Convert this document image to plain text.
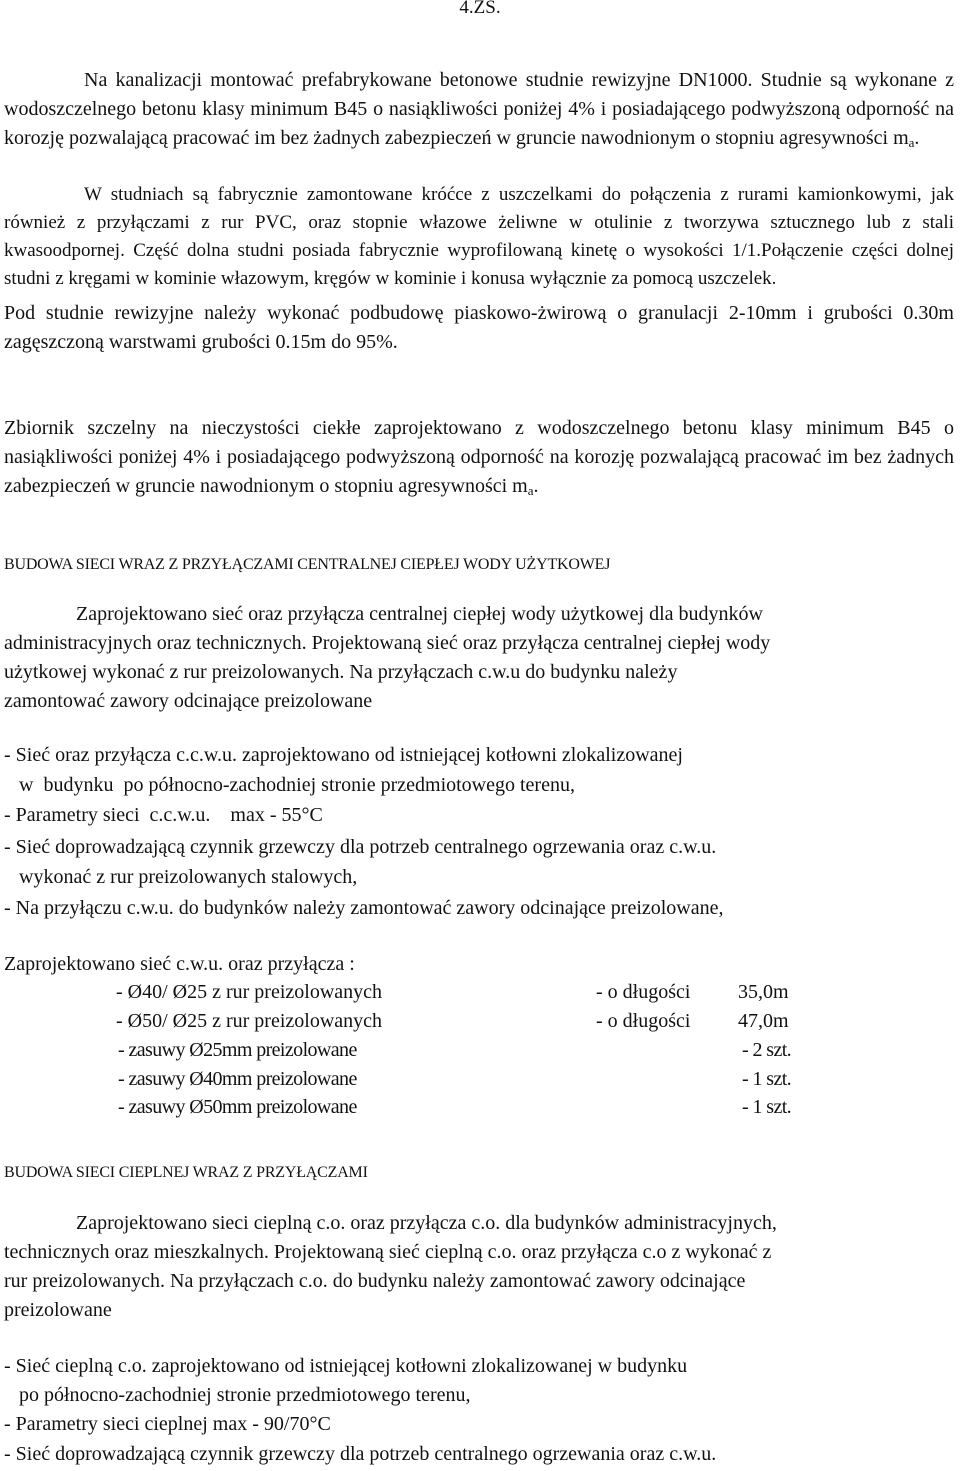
4.ZS.

Na kanalizacji montować prefabrykowane betonowe studnie rewizyjne DN1000. Studnie są wykonane z wodoszczelnego betonu klasy minimum B45 o nasiąkliwości poniżej 4% i posiadającego podwyższoną odporność na korozję pozwalającą pracować im bez żadnych zabezpieczeń w gruncie nawodnionym o stopniu agresywności $m_a$.

W studniach są fabrycznie zamontowane króćce z uszczelkami do połączenia z rurami kamionkowymi, jak również z przyłączami z rur PVC, oraz stopnie włazowe żeliwne w otulinie z tworzywa sztucznego lub z stali kwasoodpornej. Część dolna studni posiada fabrycznie wyprofilowaną kinetę o wysokości 1/1.Połączenie części dolnej studni z kręgami w kominie włazowym, kręgów w kominie i konusa wyłącznie za pomocą uszczelek.

Pod studnie rewizyjne należy wykonać podbudowę piaskowo-żwirową o granulacji 2-10mm i grubości 0.30m zagęszczoną warstwami grubości 0.15m do 95%.

Zbiornik szczelny na nieczystości ciekłe zaprojektowano z wodoszczelnego betonu klasy minimum B45 o nasiąkliwości poniżej 4% i posiadającego podwyższoną odporność na korozję pozwalającą pracować im bez żadnych zabezpieczeń w gruncie nawodnionym o stopniu agresywności $m_a$.

BUDOWA SIECI WRAZ Z PRZYŁĄCZAMI CENTRALNEJ CIEPŁEJ WODY UŻYTKOWEJ
Zaprojektowano sieć oraz przyłącza centralnej ciepłej wody użytkowej dla budynków
administracyjnych oraz technicznych. Projektowaną sieć oraz przyłącza centralnej ciepłej wody
użytkowej wykonać z rur preizolowanych. Na przyłączach c.w.u do budynku należy
zamontować zawory odcinające preizolowane
- Sieć oraz przyłącza c.c.w.u. zaprojektowano od istniejącej kotłowni zlokalizowanej
w  budynku  po północno-zachodniej stronie przedmiotowego terenu,
- Parametry sieci  c.c.w.u.    max - 55°C
- Sieć doprowadzającą czynnik grzewczy dla potrzeb centralnego ogrzewania oraz c.w.u.
wykonać z rur preizolowanych stalowych,
- Na przyłączu c.w.u. do budynków należy zamontować zawory odcinające preizolowane,
Zaprojektowano sieć c.w.u. oraz przyłącza :
- Ø40/ Ø25 z rur preizolowanych	- o długości 35,0m
- Ø50/ Ø25 z rur preizolowanych	- o długości 47,0m
- zasuwy Ø25mm preizolowane	- 2 szt.
- zasuwy Ø40mm preizolowane	- 1 szt.
- zasuwy Ø50mm preizolowane	- 1 szt.
BUDOWA SIECI CIEPLNEJ WRAZ Z PRZYŁĄCZAMI
Zaprojektowano sieci cieplną c.o. oraz przyłącza c.o. dla budynków administracyjnych,
technicznych oraz mieszkalnych. Projektowaną sieć cieplną c.o. oraz przyłącza c.o z wykonać z
rur preizolowanych. Na przyłączach c.o. do budynku należy zamontować zawory odcinające
preizolowane
- Sieć cieplną c.o. zaprojektowano od istniejącej kotłowni zlokalizowanej w budynku
po północno-zachodniej stronie przedmiotowego terenu,
- Parametry sieci cieplnej max - 90/70°C
- Sieć doprowadzającą czynnik grzewczy dla potrzeb centralnego ogrzewania oraz c.w.u.
